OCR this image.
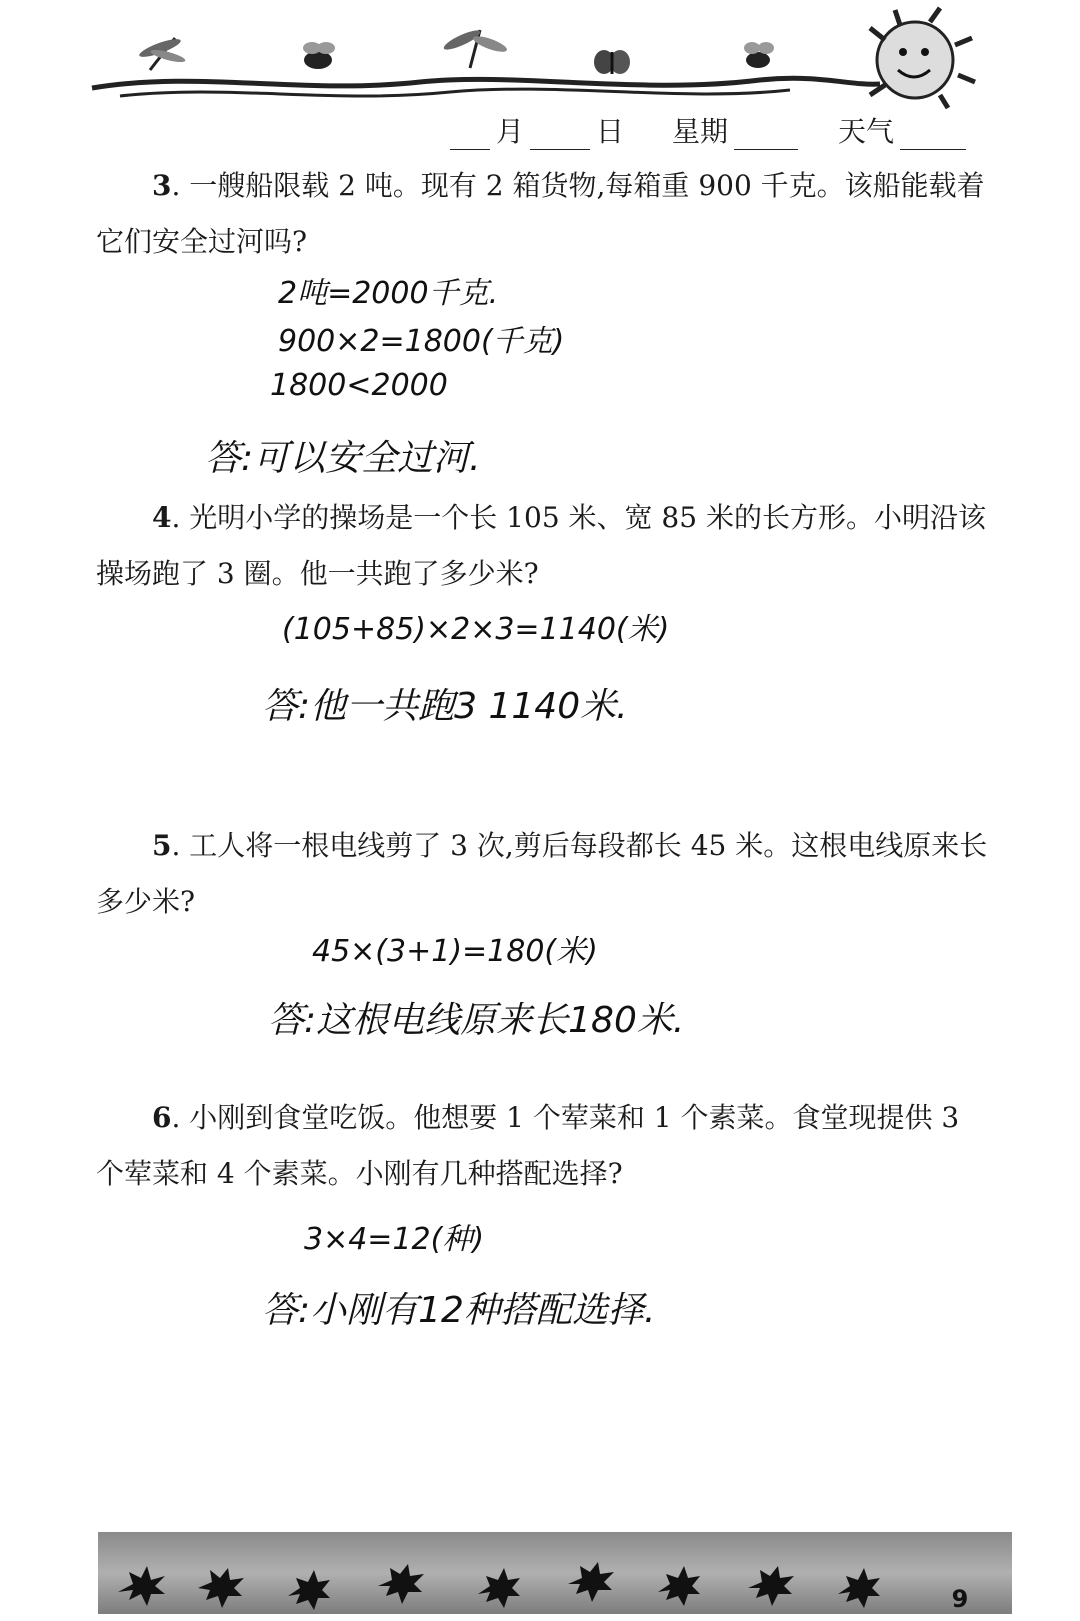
月	日 星期	天气

3. 一艘船限载 2 吨。现有 2 箱货物,每箱重 900 千克。该船能载着它们安全过河吗?

2吨=2000千克.
900×2=1800(千克)
1800<2000
答:可以安全过河.

4. 光明小学的操场是一个长 105 米、宽 85 米的长方形。小明沿该操场跑了 3 圈。他一共跑了多少米?

(105+85)×2×3=1140(米)
答:他一共跑3 1140米.

5. 工人将一根电线剪了 3 次,剪后每段都长 45 米。这根电线原来长多少米?

45×(3+1)=180(米)
答:这根电线原来长180米.

6. 小刚到食堂吃饭。他想要 1 个荤菜和 1 个素菜。食堂现提供 3 个荤菜和 4 个素菜。小刚有几种搭配选择?

3×4=12(种)
答:小刚有12种搭配选择.
9
